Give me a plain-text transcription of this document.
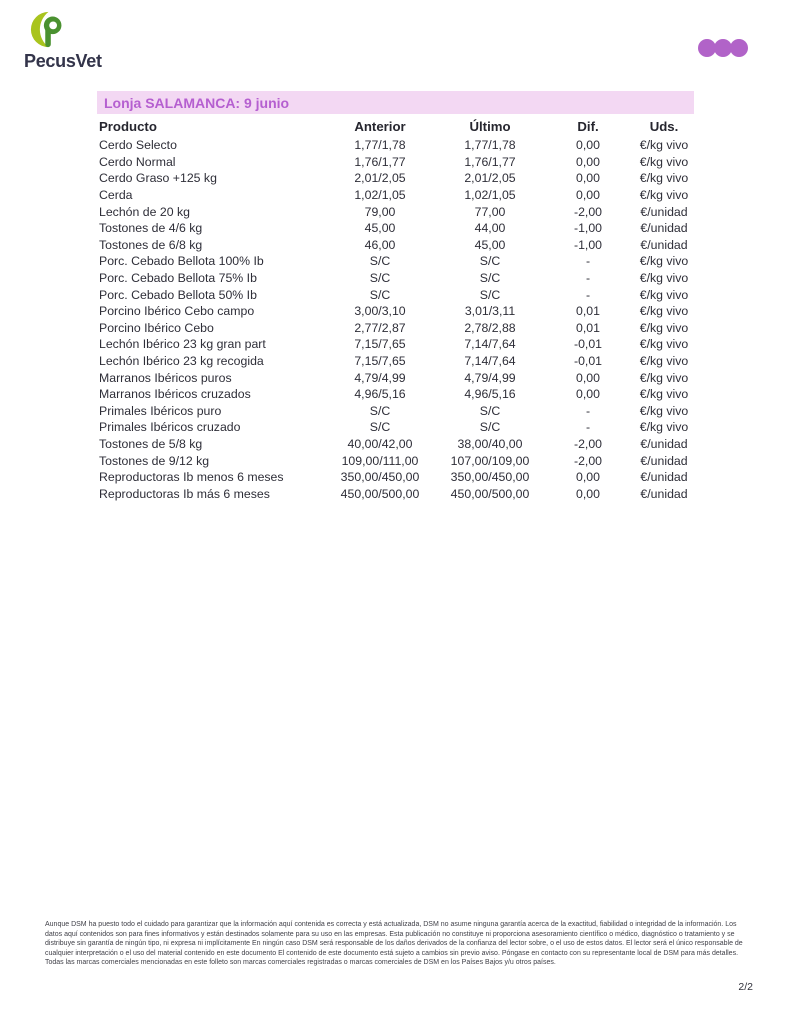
PecusVet
Lonja SALAMANCA: 9 junio
Producto	Anterior	Último	Dif.	Uds.
Cerdo Selecto	1,77/1,78	1,77/1,78	0,00	€/kg vivo
Cerdo Normal	1,76/1,77	1,76/1,77	0,00	€/kg vivo
Cerdo Graso +125 kg	2,01/2,05	2,01/2,05	0,00	€/kg vivo
Cerda	1,02/1,05	1,02/1,05	0,00	€/kg vivo
Lechón de 20 kg	79,00	77,00	-2,00	€/unidad
Tostones de 4/6 kg	45,00	44,00	-1,00	€/unidad
Tostones de 6/8 kg	46,00	45,00	-1,00	€/unidad
Porc. Cebado Bellota 100% Ib	S/C	S/C	-	€/kg vivo
Porc. Cebado Bellota 75% Ib	S/C	S/C	-	€/kg vivo
Porc. Cebado Bellota 50% Ib	S/C	S/C	-	€/kg vivo
Porcino Ibérico Cebo campo	3,00/3,10	3,01/3,11	0,01	€/kg vivo
Porcino Ibérico Cebo	2,77/2,87	2,78/2,88	0,01	€/kg vivo
Lechón Ibérico 23 kg gran part	7,15/7,65	7,14/7,64	-0,01	€/kg vivo
Lechón Ibérico 23 kg recogida	7,15/7,65	7,14/7,64	-0,01	€/kg vivo
Marranos Ibéricos puros	4,79/4,99	4,79/4,99	0,00	€/kg vivo
Marranos Ibéricos cruzados	4,96/5,16	4,96/5,16	0,00	€/kg vivo
Primales Ibéricos puro	S/C	S/C	-	€/kg vivo
Primales Ibéricos cruzado	S/C	S/C	-	€/kg vivo
Tostones de 5/8 kg	40,00/42,00	38,00/40,00	-2,00	€/unidad
Tostones de 9/12 kg	109,00/111,00	107,00/109,00	-2,00	€/unidad
Reproductoras Ib menos 6 meses	350,00/450,00	350,00/450,00	0,00	€/unidad
Reproductoras Ib más 6 meses	450,00/500,00	450,00/500,00	0,00	€/unidad
Aunque DSM ha puesto todo el cuidado para garantizar que la información aquí contenida es correcta y está actualizada, DSM no asume ninguna garantía acerca de la exactitud, fiabilidad o integridad de la información. Los datos aquí contenidos son para fines informativos y están destinados solamente para su uso en las empresas. Esta publicación no constituye ni proporciona asesoramiento científico o médico, diagnóstico o tratamiento y se distribuye sin garantía de ningún tipo, ni expresa ni implícitamente En ningún caso DSM será responsable de los daños derivados de la confianza del lector sobre, o el uso de estos datos. El lector será el único responsable de cualquier interpretación o el uso del material contenido en este documento El contenido de este documento está sujeto a cambios sin previo aviso. Póngase en contacto con su representante local de DSM para más detalles. Todas las marcas comerciales mencionadas en este folleto son marcas comerciales registradas o marcas comerciales de DSM en los Países Bajos y/u otros países.
2/2
